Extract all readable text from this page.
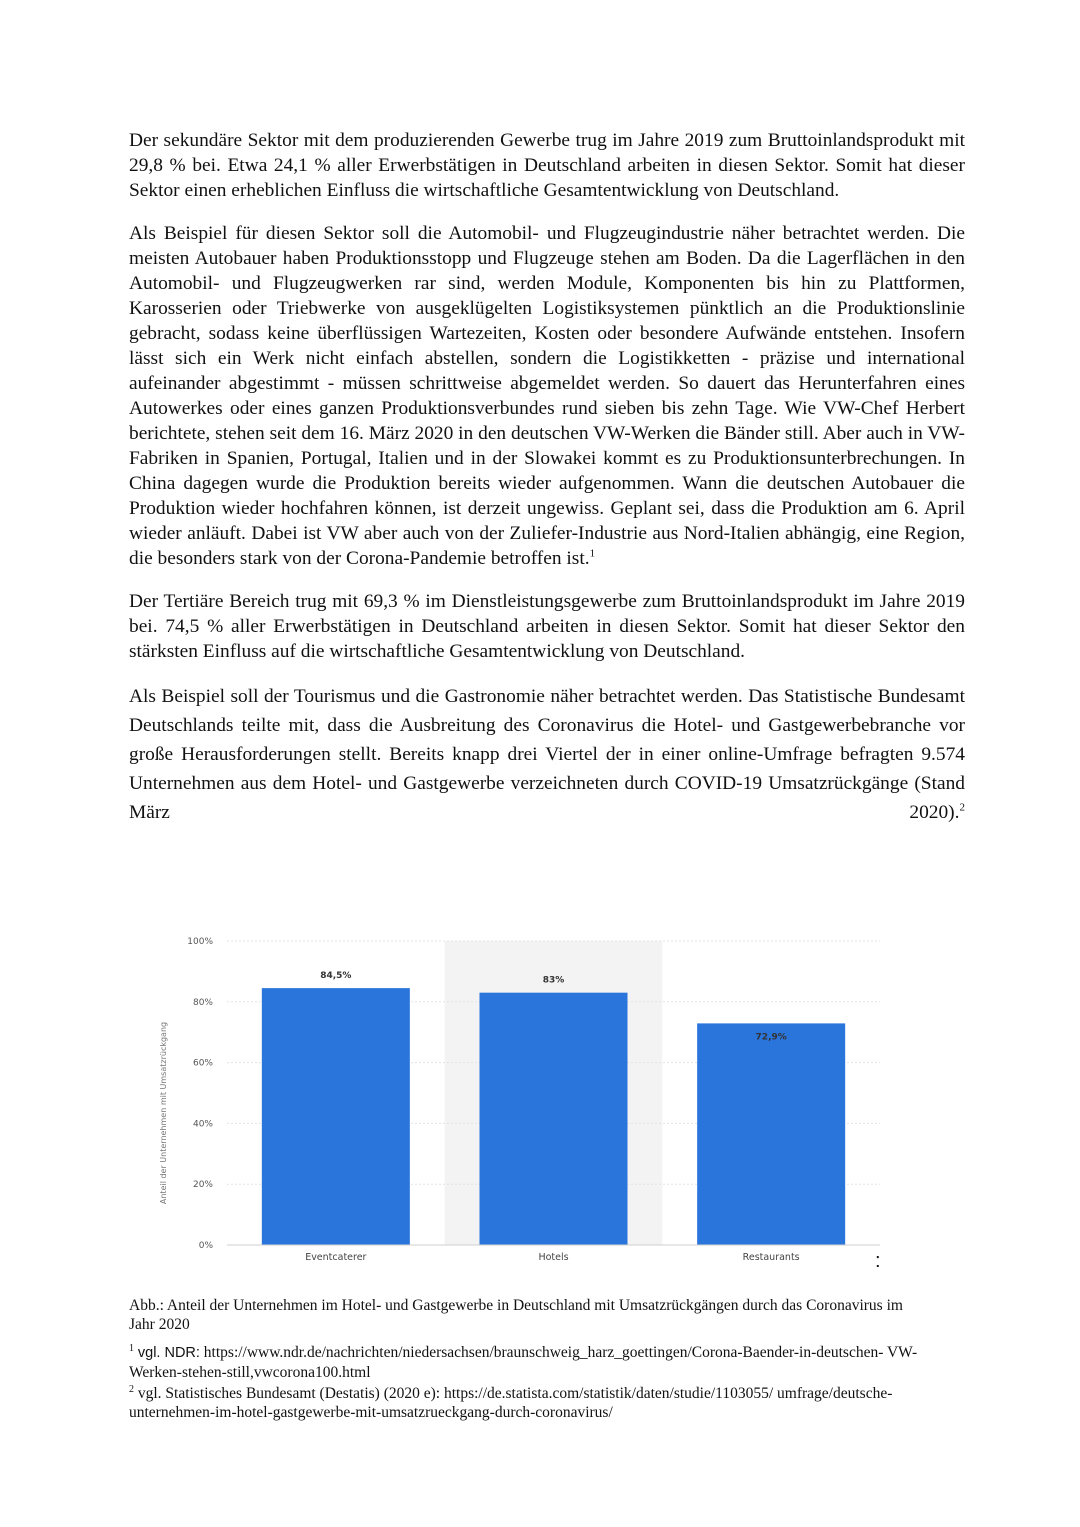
Der sekundäre Sektor mit dem produzierenden Gewerbe trug im Jahre 2019 zum Bruttoinlandsprodukt mit 29,8 % bei. Etwa 24,1 % aller Erwerbstätigen in Deutschland arbeiten in diesen Sektor. Somit hat dieser Sektor einen erheblichen Einfluss die wirtschaftliche Gesamtentwicklung von Deutschland.

Als Beispiel für diesen Sektor soll die Automobil- und Flugzeugindustrie näher betrachtet werden. Die meisten Autobauer haben Produktionsstopp und Flugzeuge stehen am Boden. Da die Lagerflächen in den Automobil- und Flugzeugwerken rar sind, werden Module, Komponenten bis hin zu Plattformen, Karosserien oder Triebwerke von ausgeklügelten Logistiksystemen pünktlich an die Produktionslinie gebracht, sodass keine überflüssigen Wartezeiten, Kosten oder besondere Aufwände entstehen. Insofern lässt sich ein Werk nicht einfach abstellen, sondern die Logistikketten - präzise und international aufeinander abgestimmt - müssen schrittweise abgemeldet werden. So dauert das Herunterfahren eines Autowerkes oder eines ganzen Produktionsverbundes rund sieben bis zehn Tage. Wie VW-Chef Herbert berichtete, stehen seit dem 16. März 2020 in den deutschen VW-Werken die Bänder still. Aber auch in VW-Fabriken in Spanien, Portugal, Italien und in der Slowakei kommt es zu Produktionsunterbrechungen. In China dagegen wurde die Produktion bereits wieder aufgenommen. Wann die deutschen Autobauer die Produktion wieder hochfahren können, ist derzeit ungewiss. Geplant sei, dass die Produktion am 6. April wieder anläuft. Dabei ist VW aber auch von der Zuliefer-Industrie aus Nord-Italien abhängig, eine Region, die besonders stark von der Corona-Pandemie betroffen ist.$^1$

Der Tertiäre Bereich trug mit 69,3 % im Dienstleistungsgewerbe zum Bruttoinlandsprodukt im Jahre 2019 bei. 74,5 % aller Erwerbstätigen in Deutschland arbeiten in diesen Sektor. Somit hat dieser Sektor den stärksten Einfluss auf die wirtschaftliche Gesamtentwicklung von Deutschland.

Als Beispiel soll der Tourismus und die Gastronomie näher betrachtet werden. Das Statistische Bundesamt Deutschlands teilte mit, dass die Ausbreitung des Coronavirus die Hotel- und Gastgewerbebranche vor große Herausforderungen stellt. Bereits knapp drei Viertel der in einer online-Umfrage befragten 9.574 Unternehmen aus dem Hotel- und Gastgewerbe verzeichneten durch COVID-19 Umsatzrückgänge (Stand März 2020).$^2$

0%
20%
40%
60%
80%
100%
Anteil der Unternehmen mit Umsatzrückgang
84,5%
Eventcaterer
83%
Hotels
72,9%
Restaurants	:
Abb.: Anteil der Unternehmen im Hotel- und Gastgewerbe in Deutschland mit Umsatzrückgängen durch das Coronavirus im Jahr 2020

$^1$ vgl. NDR: https://www.ndr.de/nachrichten/niedersachsen/braunschweig_harz_goettingen/Corona-Baender-in-deutschen- VW-Werken-stehen-still,vwcorona100.html

$^2$ vgl. Statistisches Bundesamt (Destatis) (2020 e): https://de.statista.com/statistik/daten/studie/1103055/ umfrage/deutsche-unternehmen-im-hotel-gastgewerbe-mit-umsatzrueckgang-durch-coronavirus/
